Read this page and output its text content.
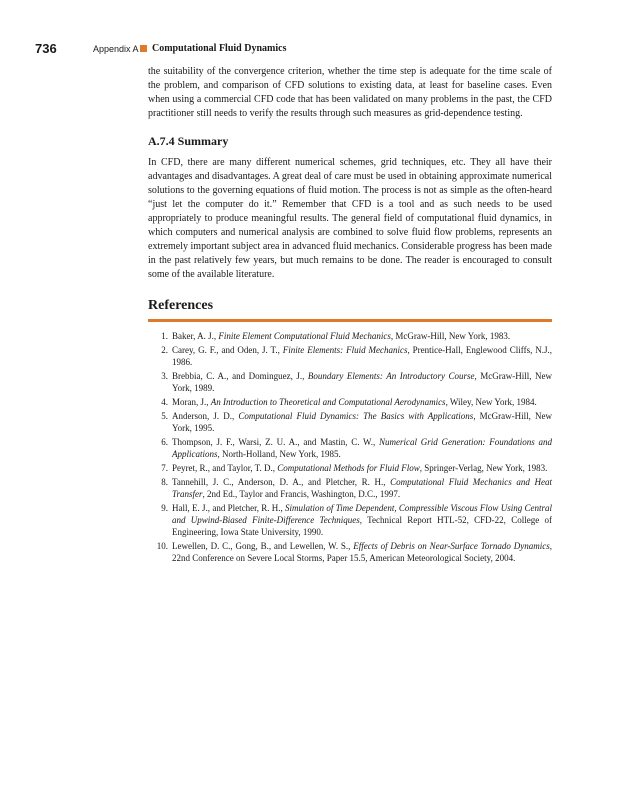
736	Appendix A Computational Fluid Dynamics

the suitability of the convergence criterion, whether the time step is adequate for the time scale of the problem, and comparison of CFD solutions to existing data, at least for baseline cases. Even when using a commercial CFD code that has been validated on many problems in the past, the CFD practitioner still needs to verify the results through such measures as grid-dependence testing.

A.7.4 Summary

In CFD, there are many different numerical schemes, grid techniques, etc. They all have their advantages and disadvantages. A great deal of care must be used in obtaining approximate numerical solutions to the governing equations of fluid motion. The process is not as simple as the often-heard “just let the computer do it.” Remember that CFD is a tool and as such needs to be used appropriately to produce meaningful results. The general field of computational fluid dynamics, in which computers and numerical analysis are combined to solve fluid flow problems, represents an extremely important subject area in advanced fluid mechanics. Considerable progress has been made in the past relatively few years, but much remains to be done. The reader is encouraged to consult some of the available literature.

References
1. Baker, A. J., Finite Element Computational Fluid Mechanics, McGraw-Hill, New York, 1983.
2. Carey, G. F., and Oden, J. T., Finite Elements: Fluid Mechanics, Prentice-Hall, Englewood Cliffs, N.J., 1986.
3. Brebbia, C. A., and Dominguez, J., Boundary Elements: An Introductory Course, McGraw-Hill, New York, 1989.
4. Moran, J., An Introduction to Theoretical and Computational Aerodynamics, Wiley, New York, 1984.
5. Anderson, J. D., Computational Fluid Dynamics: The Basics with Applications, McGraw-Hill, New York, 1995.
6. Thompson, J. F., Warsi, Z. U. A., and Mastin, C. W., Numerical Grid Generation: Foundations and Applications, North-Holland, New York, 1985.
7. Peyret, R., and Taylor, T. D., Computational Methods for Fluid Flow, Springer-Verlag, New York, 1983.
8. Tannehill, J. C., Anderson, D. A., and Pletcher, R. H., Computational Fluid Mechanics and Heat Transfer, 2nd Ed., Taylor and Francis, Washington, D.C., 1997.
9. Hall, E. J., and Pletcher, R. H., Simulation of Time Dependent, Compressible Viscous Flow Using Central and Upwind-Biased Finite-Difference Techniques, Technical Report HTL-52, CFD-22, College of Engineering, Iowa State University, 1990.
10. Lewellen, D. C., Gong, B., and Lewellen, W. S., Effects of Debris on Near-Surface Tornado Dynamics, 22nd Conference on Severe Local Storms, Paper 15.5, American Meteorological Society, 2004.
